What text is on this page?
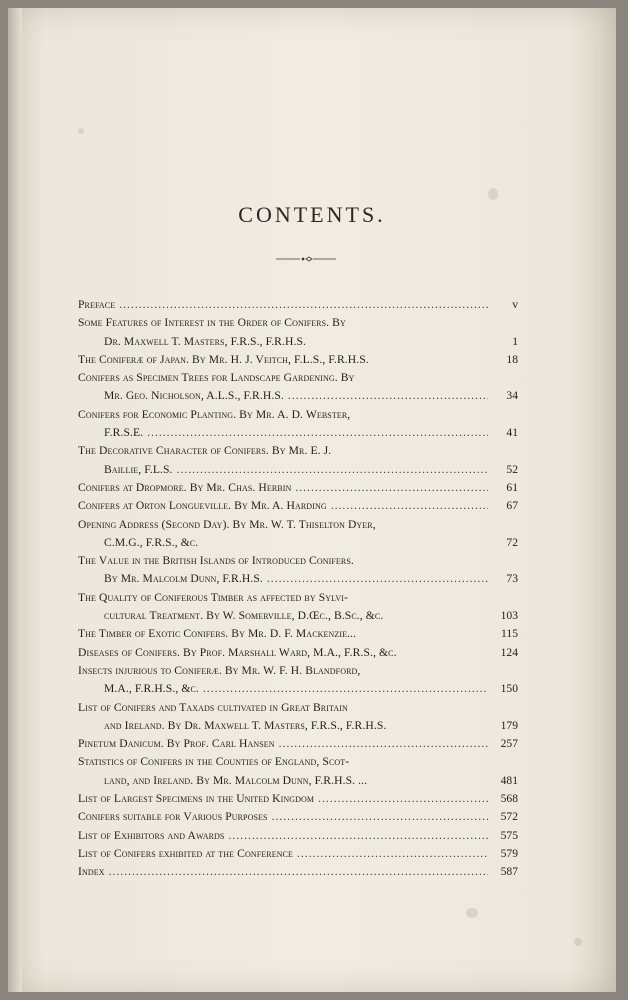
CONTENTS.
Preface .....	v
Some Features of Interest in the Order of Conifers. By
Dr. Maxwell T. Masters, F.R.S., F.R.H.S.	1
The Coniferæ of Japan. By Mr. H. J. Veitch, F.L.S., F.R.H.S.	18
Conifers as Specimen Trees for Landscape Gardening. By
Mr. Geo. Nicholson, A.L.S., F.R.H.S. .....	34
Conifers for Economic Planting. By Mr. A. D. Webster,
F.R.S.E. .....	41
The Decorative Character of Conifers. By Mr. E. J.
Baillie, F.L.S. .....	52
Conifers at Dropmore. By Mr. Chas. Herbin .....	61
Conifers at Orton Longueville. By Mr. A. Harding .....	67
Opening Address (Second Day). By Mr. W. T. Thiselton Dyer,
C.M.G., F.R.S., &c.	72
The Value in the British Islands of Introduced Conifers.
By Mr. Malcolm Dunn, F.R.H.S. .....	73
The Quality of Coniferous Timber as affected by Sylvi-
cultural Treatment. By W. Somerville, D.Œc., B.Sc., &c.	103
The Timber of Exotic Conifers. By Mr. D. F. Mackenzie...	115
Diseases of Conifers. By Prof. Marshall Ward, M.A., F.R.S., &c.	124
Insects injurious to Coniferæ. By Mr. W. F. H. Blandford,
M.A., F.R.H.S., &c. .....	150
List of Conifers and Taxads cultivated in Great Britain
and Ireland. By Dr. Maxwell T. Masters, F.R.S., F.R.H.S.	179
Pinetum Danicum. By Prof. Carl Hansen .....	257
Statistics of Conifers in the Counties of England, Scot-
land, and Ireland. By Mr. Malcolm Dunn, F.R.H.S. ...	481
List of Largest Specimens in the United Kingdom .....	568
Conifers suitable for Various Purposes .....	572
List of Exhibitors and Awards .....	575
List of Conifers exhibited at the Conference .....	579
Index .....	587
